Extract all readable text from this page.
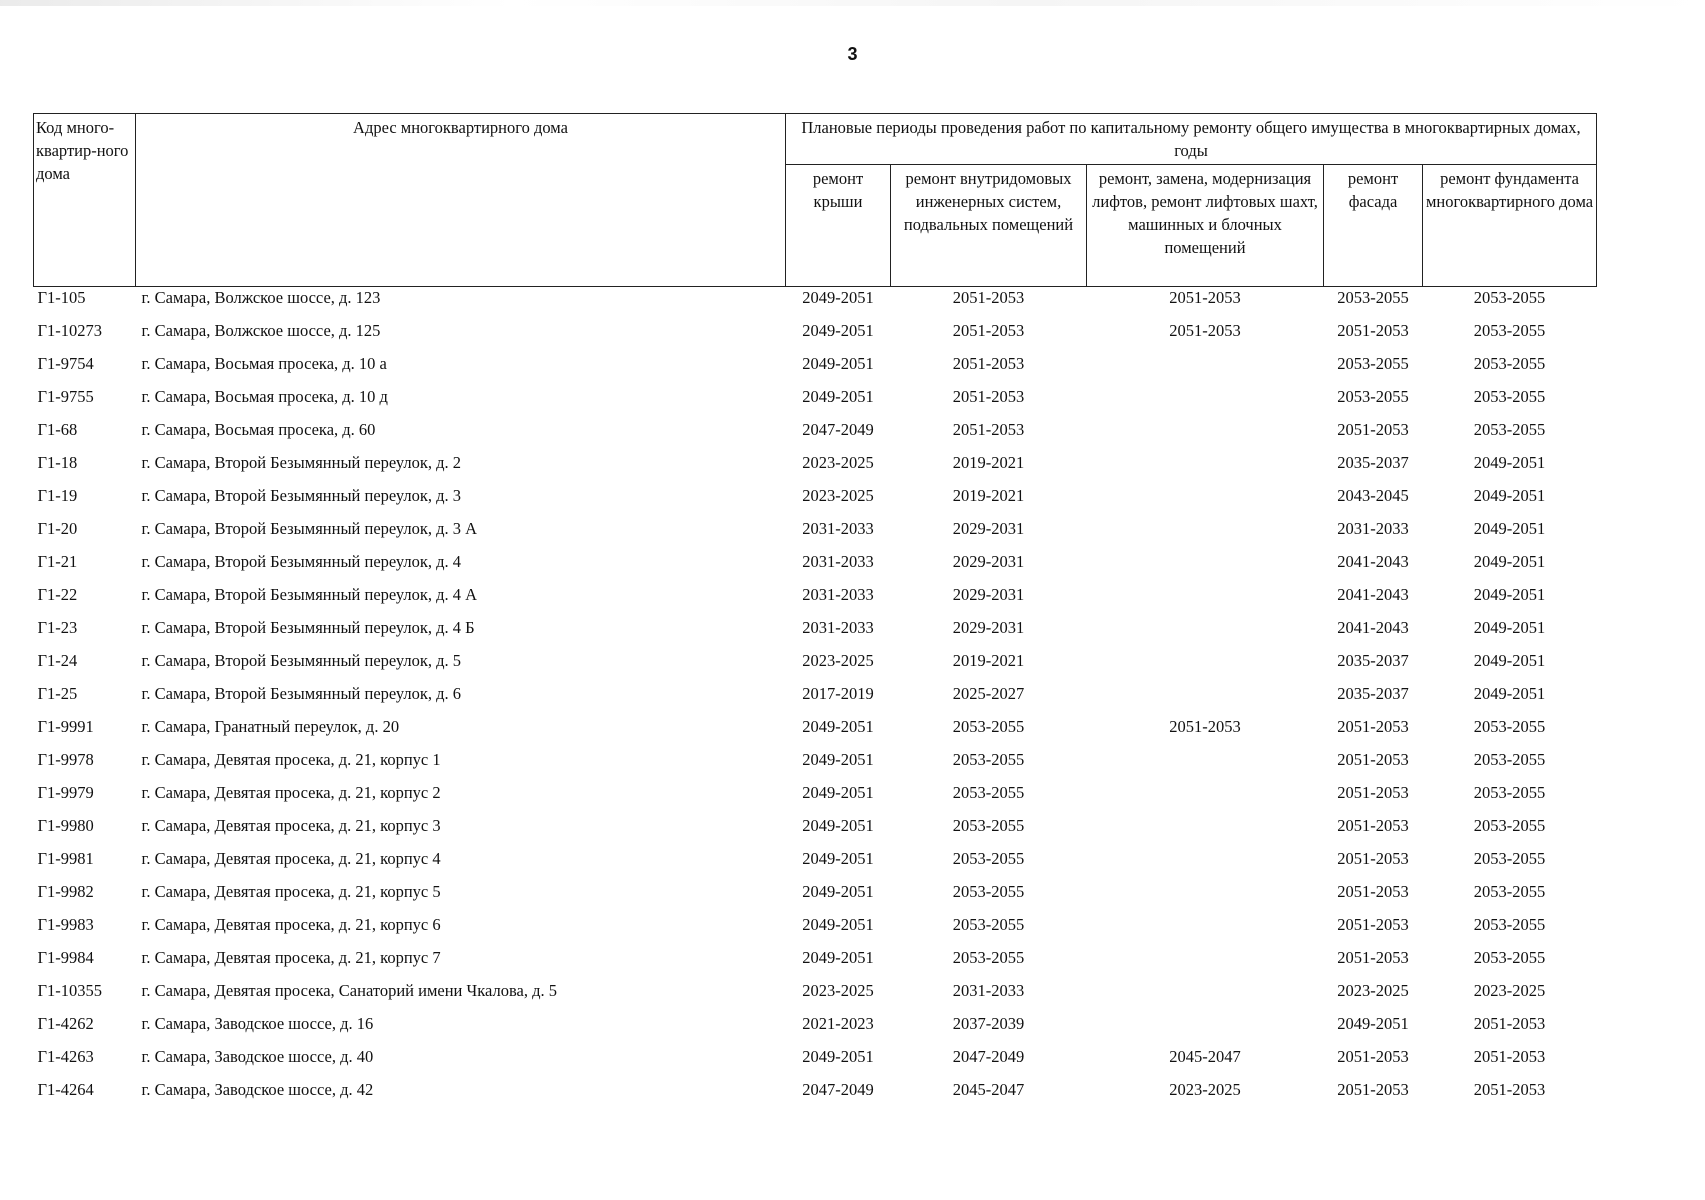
3
Код много-квартир-ного дома	Адрес многоквартирного дома	Плановые периоды проведения работ по капитальному ремонту общего имущества в многоквартирных домах, годы				
		ремонт крыши	ремонт внутридомовых инженерных систем, подвальных помещений	ремонт, замена, модернизация лифтов, ремонт лифтовых шахт, машинных и блочных помещений	ремонт фасада	ремонт фундамента многоквартирного дома
Г1-105	г. Самара, Волжское шоссе, д. 123	2049-2051	2051-2053	2051-2053	2053-2055	2053-2055
Г1-10273	г. Самара, Волжское шоссе, д. 125	2049-2051	2051-2053	2051-2053	2051-2053	2053-2055
Г1-9754	г. Самара, Восьмая просека, д. 10 а	2049-2051	2051-2053		2053-2055	2053-2055
Г1-9755	г. Самара, Восьмая просека, д. 10 д	2049-2051	2051-2053		2053-2055	2053-2055
Г1-68	г. Самара, Восьмая просека, д. 60	2047-2049	2051-2053		2051-2053	2053-2055
Г1-18	г. Самара, Второй Безымянный переулок, д. 2	2023-2025	2019-2021		2035-2037	2049-2051
Г1-19	г. Самара, Второй Безымянный переулок, д. 3	2023-2025	2019-2021		2043-2045	2049-2051
Г1-20	г. Самара, Второй Безымянный переулок, д. 3 А	2031-2033	2029-2031		2031-2033	2049-2051
Г1-21	г. Самара, Второй Безымянный переулок, д. 4	2031-2033	2029-2031		2041-2043	2049-2051
Г1-22	г. Самара, Второй Безымянный переулок, д. 4 А	2031-2033	2029-2031		2041-2043	2049-2051
Г1-23	г. Самара, Второй Безымянный переулок, д. 4 Б	2031-2033	2029-2031		2041-2043	2049-2051
Г1-24	г. Самара, Второй Безымянный переулок, д. 5	2023-2025	2019-2021		2035-2037	2049-2051
Г1-25	г. Самара, Второй Безымянный переулок, д. 6	2017-2019	2025-2027		2035-2037	2049-2051
Г1-9991	г. Самара, Гранатный переулок, д. 20	2049-2051	2053-2055	2051-2053	2051-2053	2053-2055
Г1-9978	г. Самара, Девятая просека, д. 21, корпус 1	2049-2051	2053-2055		2051-2053	2053-2055
Г1-9979	г. Самара, Девятая просека, д. 21, корпус 2	2049-2051	2053-2055		2051-2053	2053-2055
Г1-9980	г. Самара, Девятая просека, д. 21, корпус 3	2049-2051	2053-2055		2051-2053	2053-2055
Г1-9981	г. Самара, Девятая просека, д. 21, корпус 4	2049-2051	2053-2055		2051-2053	2053-2055
Г1-9982	г. Самара, Девятая просека, д. 21, корпус 5	2049-2051	2053-2055		2051-2053	2053-2055
Г1-9983	г. Самара, Девятая просека, д. 21, корпус 6	2049-2051	2053-2055		2051-2053	2053-2055
Г1-9984	г. Самара, Девятая просека, д. 21, корпус 7	2049-2051	2053-2055		2051-2053	2053-2055
Г1-10355	г. Самара, Девятая просека, Санаторий имени Чкалова, д. 5	2023-2025	2031-2033		2023-2025	2023-2025
Г1-4262	г. Самара, Заводское шоссе, д. 16	2021-2023	2037-2039		2049-2051	2051-2053
Г1-4263	г. Самара, Заводское шоссе, д. 40	2049-2051	2047-2049	2045-2047	2051-2053	2051-2053
Г1-4264	г. Самара, Заводское шоссе, д. 42	2047-2049	2045-2047	2023-2025	2051-2053	2051-2053
